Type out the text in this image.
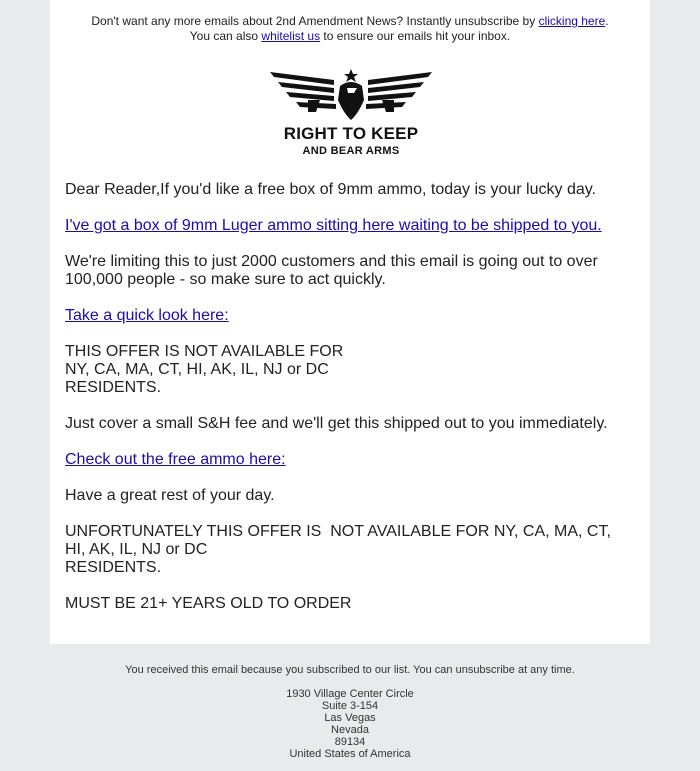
Don't want any more emails about 2nd Amendment News? Instantly unsubscribe by clicking here.
You can also whitelist us to ensure our emails hit your inbox.
RIGHT TO KEEP
AND BEAR ARMS
Dear Reader,If you'd like a free box of 9mm ammo, today is your lucky day.
I've got a box of 9mm Luger ammo sitting here waiting to be shipped to you.
We're limiting this to just 2000 customers and this email is going out to over
100,000 people - so make sure to act quickly.
Take a quick look here:
THIS OFFER IS NOT AVAILABLE FOR
NY, CA, MA, CT, HI, AK, IL, NJ or DC
RESIDENTS.
Just cover a small S&H fee and we'll get this shipped out to you immediately.
Check out the free ammo here:
Have a great rest of your day.
UNFORTUNATELY THIS OFFER IS  NOT AVAILABLE FOR NY, CA, MA, CT,
HI, AK, IL, NJ or DC
RESIDENTS.
MUST BE 21+ YEARS OLD TO ORDER
You received this email because you subscribed to our list. You can unsubscribe at any time.
1930 Village Center Circle
Suite 3-154
Las Vegas
Nevada
89134
United States of America
